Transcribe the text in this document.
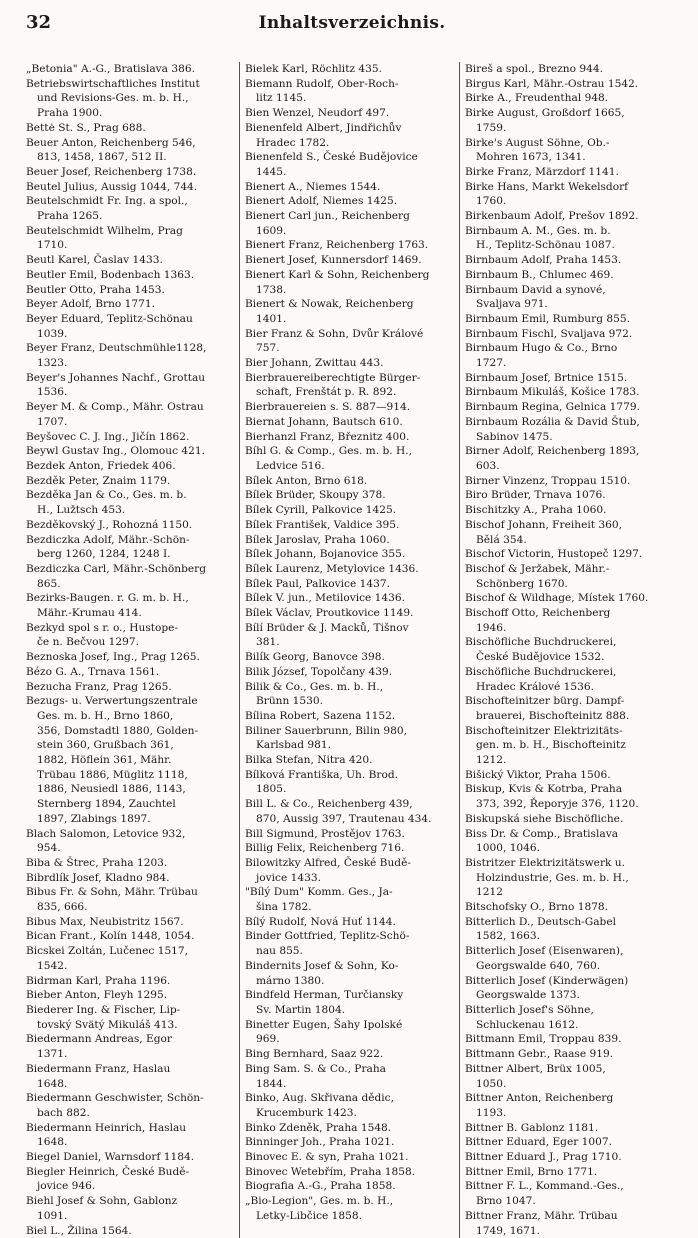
32	Inhaltsverzeichnis.
„Betonia" A.-G., Bratislava 386.
Betriebswirtschaftliches Institut
und Revisions-Ges. m. b. H.,
Praha 1900.
Bettė St. S., Prag 688.
Beuer Anton, Reichenberg 546,
813, 1458, 1867, 512 II.
Beuer Josef, Reichenberg 1738.
Beutel Julius, Aussig 1044, 744.
Beutelschmidt Fr. Ing. a spol.,
Praha 1265.
Beutelschmidt Wilhelm, Prag
1710.
Beutl Karel, Časlav 1433.
Beutler Emil, Bodenbach 1363.
Beutler Otto, Praha 1453.
Beyer Adolf, Brno 1771.
Beyer Eduard, Teplitz-Schönau
1039.
Beyer Franz, Deutschmühle1128,
1323.
Beyer's Johannes Nachf., Grottau
1536.
Beyer M. & Comp., Mähr. Ostrau
1707.
Beyšovec C. J. Ing., Jičín 1862.
Beywl Gustav Ing., Olomouc 421.
Bezdek Anton, Friedek 406.
Bezděk Peter, Znaim 1179.
Bezděka Jan & Co., Ges. m. b.
H., Lužtsch 453.
Bezděkovský J., Rohozná 1150.
Bezdiczka Adolf, Mähr.-Schön-
berg 1260, 1284, 1248 I.
Bezdiczka Carl, Mähr.-Schönberg
865.
Bezirks-Baugen. r. G. m. b. H.,
Mähr.-Krumau 414.
Bezkyd spol s r. o., Hustope-
če n. Bečvou 1297.
Beznoska Josef, Ing., Prag 1265.
Bézo G. A., Trnava 1561.
Bezucha Franz, Prag 1265.
Bezugs- u. Verwertungszentrale
Ges. m. b. H., Brno 1860,
356, Domstadtl 1880, Golden-
stein 360, Grußbach 361,
1882, Höflein 361, Mähr.
Trübau 1886, Müglitz 1118,
1886, Neusiedl 1886, 1143,
Sternberg 1894, Zauchtel
1897, Zlabings 1897.
Blach Salomon, Letovice 932,
954.
Biba & Štrec, Praha 1203.
Bibrdlík Josef, Kladno 984.
Bibus Fr. & Sohn, Mähr. Trübau
835, 666.
Bibus Max, Neubistritz 1567.
Bican Frant., Kolín 1448, 1054.
Bicskei Zoltán, Lučenec 1517,
1542.
Bidrman Karl, Praha 1196.
Bieber Anton, Fleyh 1295.
Biederer Ing. & Fischer, Lip-
tovský Svätý Mikuláš 413.
Biedermann Andreas, Egor
1371.
Biedermann Franz, Haslau
1648.
Biedermann Geschwister, Schön-
bach 882.
Biedermann Heinrich, Haslau
1648.
Biegel Daniel, Warnsdorf 1184.
Biegler Heinrich, České Budě-
jovice 946.
Biehl Josef & Sohn, Gablonz
1091.
Biel L., Žilina 1564.
Bielek Karl, Röchlitz 435.
Biemann Rudolf, Ober-Roch-
litz 1145.
Bien Wenzel, Neudorf 497.
Bienenfeld Albert, Jindřichův
Hradec 1782.
Bienenfeld S., České Budějovice
1445.
Bienert A., Niemes 1544.
Bienert Adolf, Niemes 1425.
Bienert Carl jun., Reichenberg
1609.
Bienert Franz, Reichenberg 1763.
Bienert Josef, Kunnersdorf 1469.
Bienert Karl & Sohn, Reichenberg
1738.
Bienert & Nowak, Reichenberg
1401.
Bier Franz & Sohn, Dvůr Králové
757.
Bier Johann, Zwittau 443.
Bierbrauereiberechtigte Bürger-
schaft, Frenštát p. R. 892.
Bierbrauereien s. S. 887—914.
Biernat Johann, Bautsch 610.
Bierhanzl Franz, Březnitz 400.
Bíhl G. & Comp., Ges. m. b. H.,
Ledvice 516.
Bílek Anton, Brno 618.
Bílek Brüder, Skoupy 378.
Bílek Cyrill, Palkovice 1425.
Bílek František, Valdice 395.
Bílek Jaroslav, Praha 1060.
Bílek Johann, Bojanovice 355.
Bílek Laurenz, Metylovice 1436.
Bílek Paul, Palkovice 1437.
Bílek V. jun., Metilovice 1436.
Bílek Václav, Proutkovice 1149.
Bílí Brüder & J. Macků, Tišnov
381.
Bilík Georg, Banovce 398.
Bilik József, Topolčany 439.
Bilik & Co., Ges. m. b. H.,
Brünn 1530.
Bílina Robert, Sazena 1152.
Biliner Sauerbrunn, Bilin 980,
Karlsbad 981.
Bilka Stefan, Nitra 420.
Bílková Františka, Uh. Brod.
1805.
Bill L. & Co., Reichenberg 439,
870, Aussig 397, Trautenau 434.
Bill Sigmund, Prostějov 1763.
Billig Felix, Reichenberg 716.
Bilowitzky Alfred, České Budě-
jovice 1433.
"Bílý Dum" Komm. Ges., Ja-
šina 1782.
Bílý Rudolf, Nová Huť 1144.
Binder Gottfried, Teplitz-Schö-
nau 855.
Bindernits Josef & Sohn, Ko-
márno 1380.
Bindfeld Herman, Turčiansky
Sv. Martin 1804.
Binetter Eugen, Šahy Ipolské
969.
Bing Bernhard, Saaz 922.
Bing Sam. S. & Co., Praha
1844.
Binko, Aug. Skřivana dědic,
Krucemburk 1423.
Binko Zdeněk, Praha 1548.
Binninger Joh., Praha 1021.
Binovec E. & syn, Praha 1021.
Binovec Wetebřím, Praha 1858.
Biografia A.-G., Praha 1858.
„Bio-Legion", Ges. m. b. H.,
Letky-Libčice 1858.
Bireš a spol., Brezno 944.
Birgus Karl, Mähr.-Ostrau 1542.
Birke A., Freudenthal 948.
Birke August, Großdorf 1665,
1759.
Birke's August Söhne, Ob.-
Mohren 1673, 1341.
Birke Franz, Märzdorf 1141.
Birke Hans, Markt Wekelsdorf
1760.
Birkenbaum Adolf, Prešov 1892.
Birnbaum A. M., Ges. m. b.
H., Teplitz-Schönau 1087.
Birnbaum Adolf, Praha 1453.
Birnbaum B., Chlumec 469.
Birnbaum David a synové,
Svaljava 971.
Birnbaum Emil, Rumburg 855.
Birnbaum Fischl, Svaljava 972.
Birnbaum Hugo & Co., Brno
1727.
Birnbaum Josef, Brtnice 1515.
Birnbaum Mikuláš, Košice 1783.
Birnbaum Regina, Gelnica 1779.
Birnbaum Rozália & David Štub,
Sabinov 1475.
Birner Adolf, Reichenberg 1893,
603.
Birner Vinzenz, Troppau 1510.
Biro Brüder, Trnava 1076.
Bischitzky A., Praha 1060.
Bischof Johann, Freiheit 360,
Bělá 354.
Bischof Victorin, Hustopeč 1297.
Bischof & Jeržabek, Mähr.-
Schönberg 1670.
Bischof & Wildhage, Místek 1760.
Bischoff Otto, Reichenberg
1946.
Bischöfliche Buchdruckerei,
České Budějovice 1532.
Bischöfliche Buchdruckerei,
Hradec Králové 1536.
Bischofteinitzer bürg. Dampf-
brauerei, Bischofteinitz 888.
Bischofteinitzer Elektrizitäts-
gen. m. b. H., Bischofteinitz
1212.
Bišický Viktor, Praha 1506.
Biskup, Kvis & Kotrba, Praha
373, 392, Řeporyje 376, 1120.
Biskupská siehe Bischöfliche.
Biss Dr. & Comp., Bratislava
1000, 1046.
Bistritzer Elektrizitätswerk u.
Holzindustrie, Ges. m. b. H.,
1212
Bitschofsky O., Brno 1878.
Bitterlich D., Deutsch-Gabel
1582, 1663.
Bitterlich Josef (Eisenwaren),
Georgswalde 640, 760.
Bitterlich Josef (Kinderwägen)
Georgswalde 1373.
Bitterlich Josef's Söhne,
Schluckenau 1612.
Bittmann Emil, Troppau 839.
Bittmann Gebr., Raase 919.
Bittner Albert, Brüx 1005,
1050.
Bittner Anton, Reichenberg
1193.
Bittner B. Gablonz 1181.
Bittner Eduard, Eger 1007.
Bittner Eduard J., Prag 1710.
Bittner Emil, Brno 1771.
Bittner F. L., Kommand.-Ges.,
Brno 1047.
Bittner Franz, Mähr. Trübau
1749, 1671.
